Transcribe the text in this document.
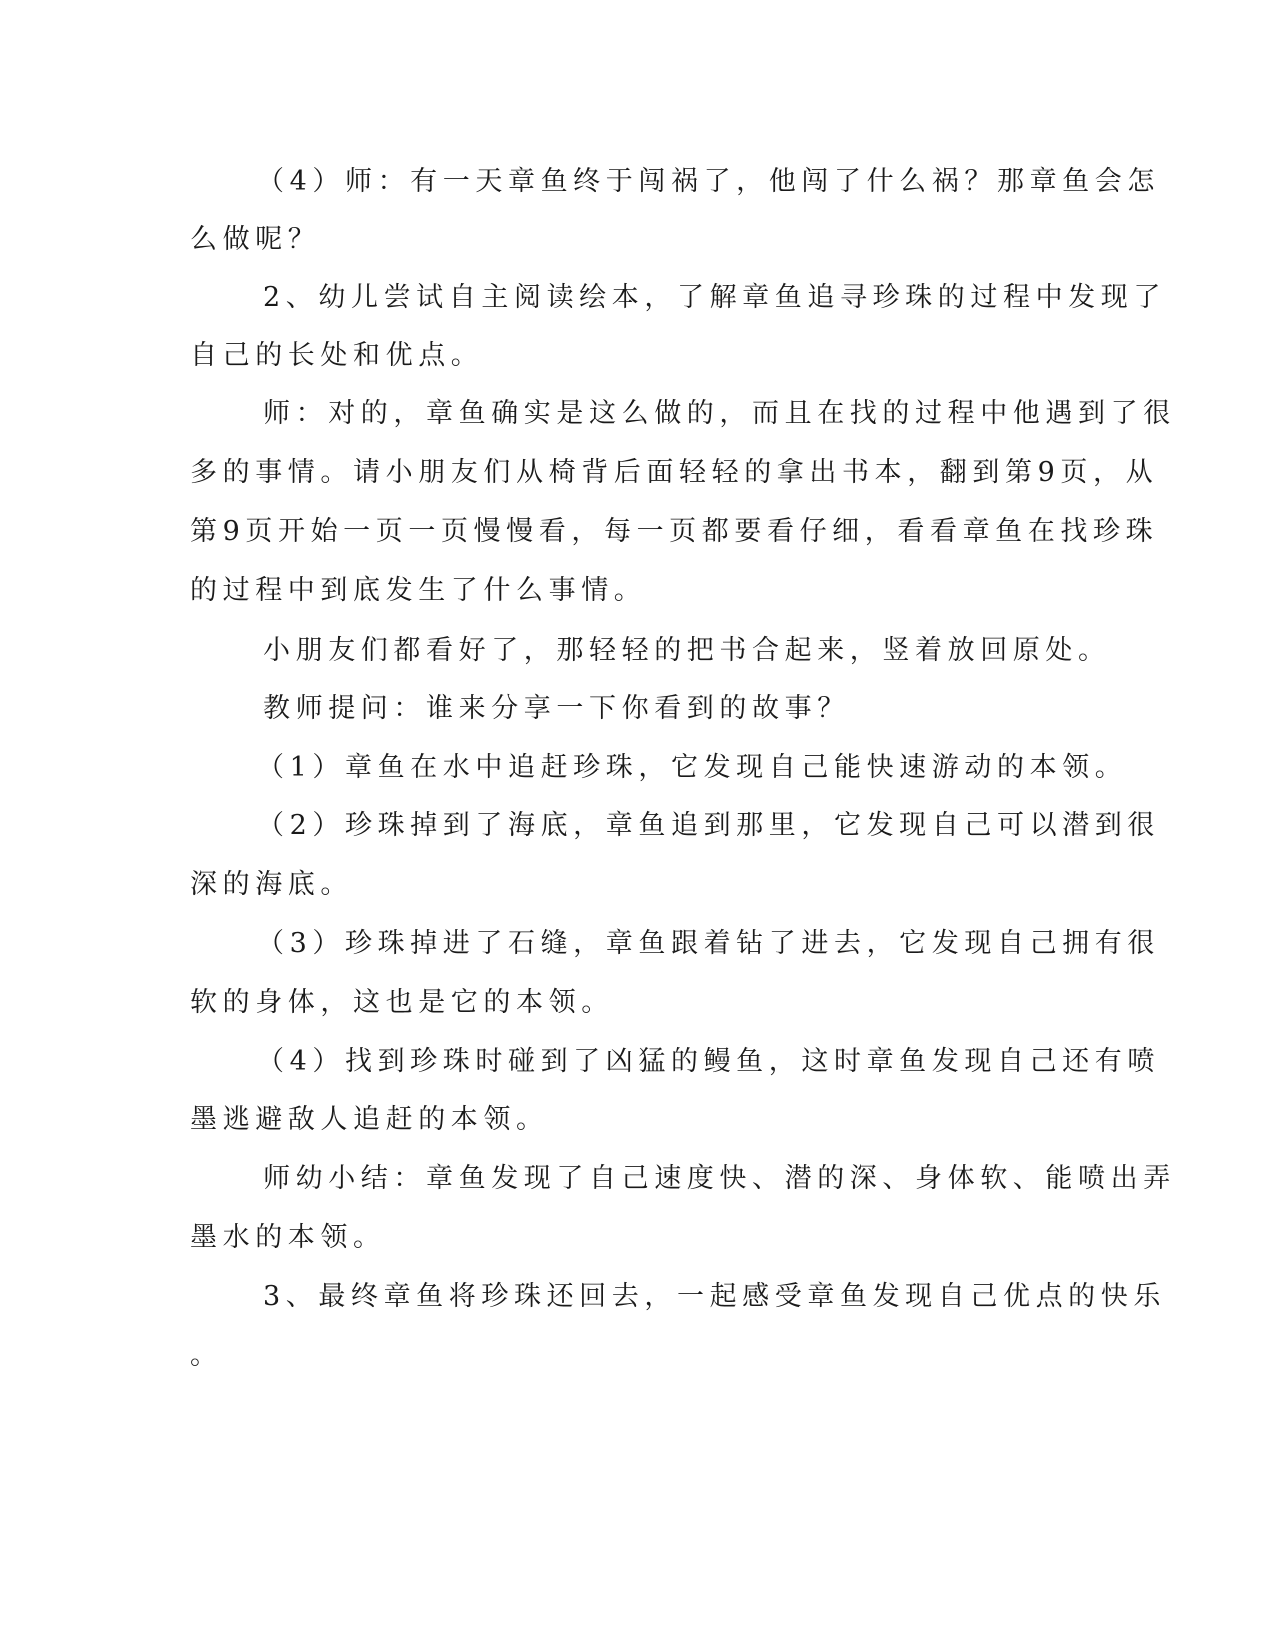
（4）师：有一天章鱼终于闯祸了，他闯了什么祸？那章鱼会怎

么做呢？

2、幼儿尝试自主阅读绘本，了解章鱼追寻珍珠的过程中发现了

自己的长处和优点。

师：对的，章鱼确实是这么做的，而且在找的过程中他遇到了很

多的事情。请小朋友们从椅背后面轻轻的拿出书本，翻到第9页，从

第9页开始一页一页慢慢看，每一页都要看仔细，看看章鱼在找珍珠

的过程中到底发生了什么事情。

小朋友们都看好了，那轻轻的把书合起来，竖着放回原处。

教师提问：谁来分享一下你看到的故事？

（1）章鱼在水中追赶珍珠，它发现自己能快速游动的本领。

（2）珍珠掉到了海底，章鱼追到那里，它发现自己可以潜到很

深的海底。

（3）珍珠掉进了石缝，章鱼跟着钻了进去，它发现自己拥有很

软的身体，这也是它的本领。

（4）找到珍珠时碰到了凶猛的鳗鱼，这时章鱼发现自己还有喷

墨逃避敌人追赶的本领。

师幼小结：章鱼发现了自己速度快、潜的深、身体软、能喷出弄

墨水的本领。

3、最终章鱼将珍珠还回去，一起感受章鱼发现自己优点的快乐

。
